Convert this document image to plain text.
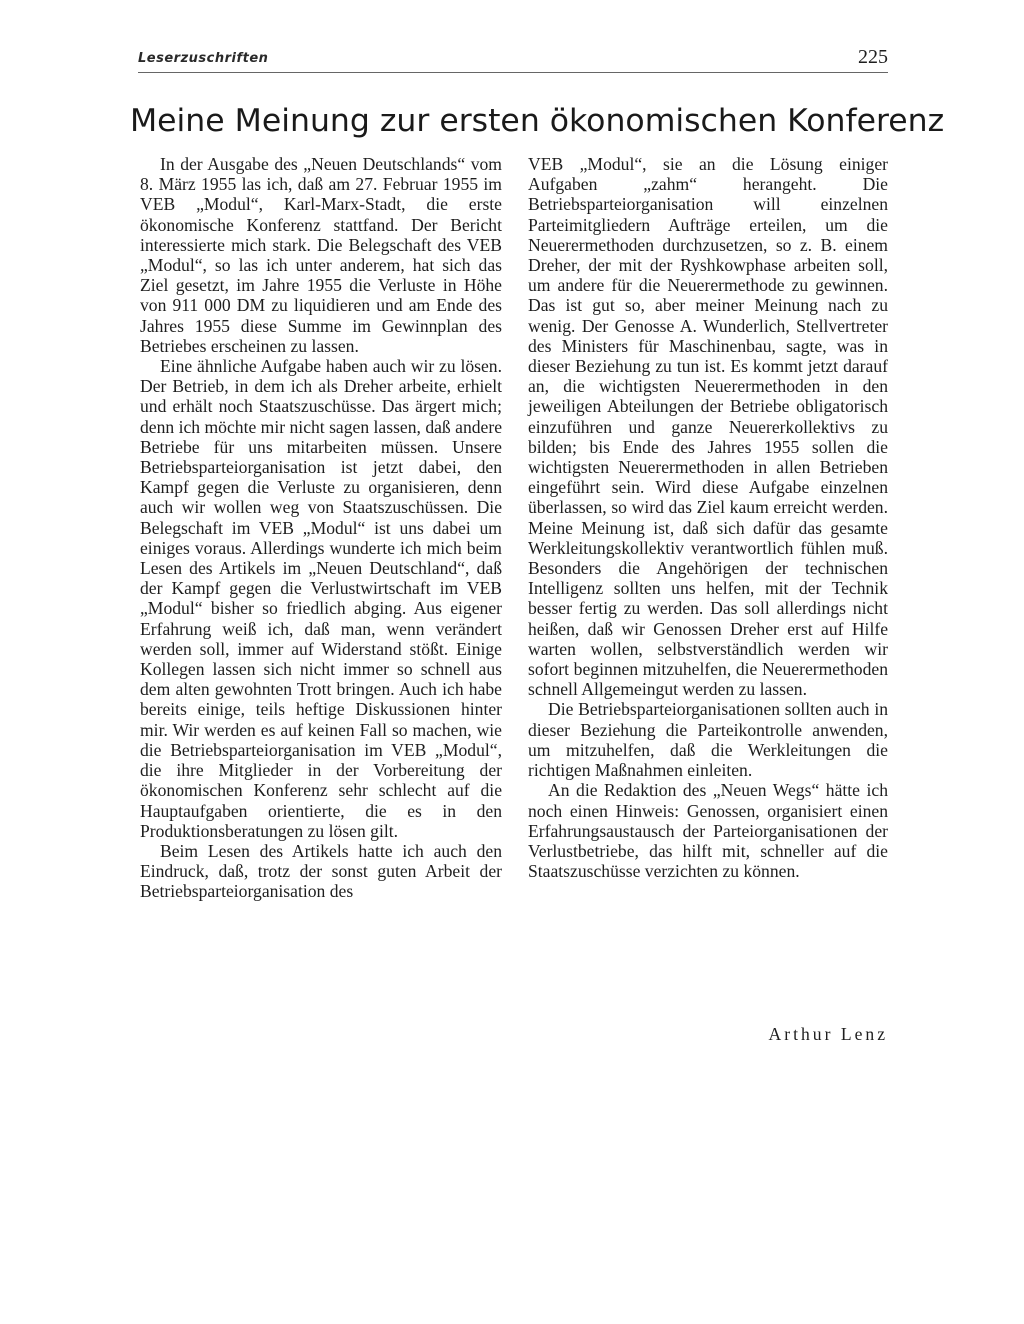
Leserzuschriften	225
Meine Meinung zur ersten ökonomischen Konferenz

In der Ausgabe des „Neuen Deutschlands“ vom 8. März 1955 las ich, daß am 27. Februar 1955 im VEB „Modul“, Karl-Marx-Stadt, die erste ökonomische Konferenz stattfand. Der Bericht interessierte mich stark. Die Belegschaft des VEB „Modul“, so las ich unter anderem, hat sich das Ziel gesetzt, im Jahre 1955 die Verluste in Höhe von 911 000 DM zu liquidieren und am Ende des Jahres 1955 diese Summe im Gewinnplan des Betriebes erscheinen zu lassen.

Eine ähnliche Aufgabe haben auch wir zu lösen. Der Betrieb, in dem ich als Dreher arbeite, erhielt und erhält noch Staatszuschüsse. Das ärgert mich; denn ich möchte mir nicht sagen lassen, daß andere Betriebe für uns mitarbeiten müssen. Unsere Betriebsparteiorganisation ist jetzt dabei, den Kampf gegen die Verluste zu organisieren, denn auch wir wollen weg von Staatszuschüssen. Die Belegschaft im VEB „Modul“ ist uns dabei um einiges voraus. Allerdings wunderte ich mich beim Lesen des Artikels im „Neuen Deutschland“, daß der Kampf gegen die Verlustwirtschaft im VEB „Modul“ bisher so friedlich abging. Aus eigener Erfahrung weiß ich, daß man, wenn verändert werden soll, immer auf Widerstand stößt. Einige Kollegen lassen sich nicht immer so schnell aus dem alten gewohnten Trott bringen. Auch ich habe bereits einige, teils heftige Diskussionen hinter mir. Wir werden es auf keinen Fall so machen, wie die Betriebsparteiorganisation im VEB „Modul“, die ihre Mitglieder in der Vorbereitung der ökonomischen Konferenz sehr schlecht auf die Hauptaufgaben orientierte, die es in den Produktionsberatungen zu lösen gilt.

Beim Lesen des Artikels hatte ich auch den Eindruck, daß, trotz der sonst guten Arbeit der Betriebsparteiorganisation des

VEB „Modul“, sie an die Lösung einiger Aufgaben „zahm“ herangeht. Die Betriebsparteiorganisation will einzelnen Parteimitgliedern Aufträge erteilen, um die Neuerermethoden durchzusetzen, so z. B. einem Dreher, der mit der Ryshkowphase arbeiten soll, um andere für die Neuerermethode zu gewinnen. Das ist gut so, aber meiner Meinung nach zu wenig. Der Genosse A. Wunderlich, Stellvertreter des Ministers für Maschinenbau, sagte, was in dieser Beziehung zu tun ist. Es kommt jetzt darauf an, die wichtigsten Neuerermethoden in den jeweiligen Abteilungen der Betriebe obligatorisch einzuführen und ganze Neuererkollektivs zu bilden; bis Ende des Jahres 1955 sollen die wichtigsten Neuerermethoden in allen Betrieben eingeführt sein. Wird diese Aufgabe einzelnen überlassen, so wird das Ziel kaum erreicht werden. Meine Meinung ist, daß sich dafür das gesamte Werkleitungskollektiv verantwortlich fühlen muß. Besonders die Angehörigen der technischen Intelligenz sollten uns helfen, mit der Technik besser fertig zu werden. Das soll allerdings nicht heißen, daß wir Genossen Dreher erst auf Hilfe warten wollen, selbstverständlich werden wir sofort beginnen mitzuhelfen, die Neuerermethoden schnell Allgemeingut werden zu lassen.

Die Betriebsparteiorganisationen sollten auch in dieser Beziehung die Parteikontrolle anwenden, um mitzuhelfen, daß die Werkleitungen die richtigen Maßnahmen einleiten.

An die Redaktion des „Neuen Wegs“ hätte ich noch einen Hinweis: Genossen, organisiert einen Erfahrungsaustausch der Parteiorganisationen der Verlustbetriebe, das hilft mit, schneller auf die Staatszuschüsse verzichten zu können.

Arthur Lenz
